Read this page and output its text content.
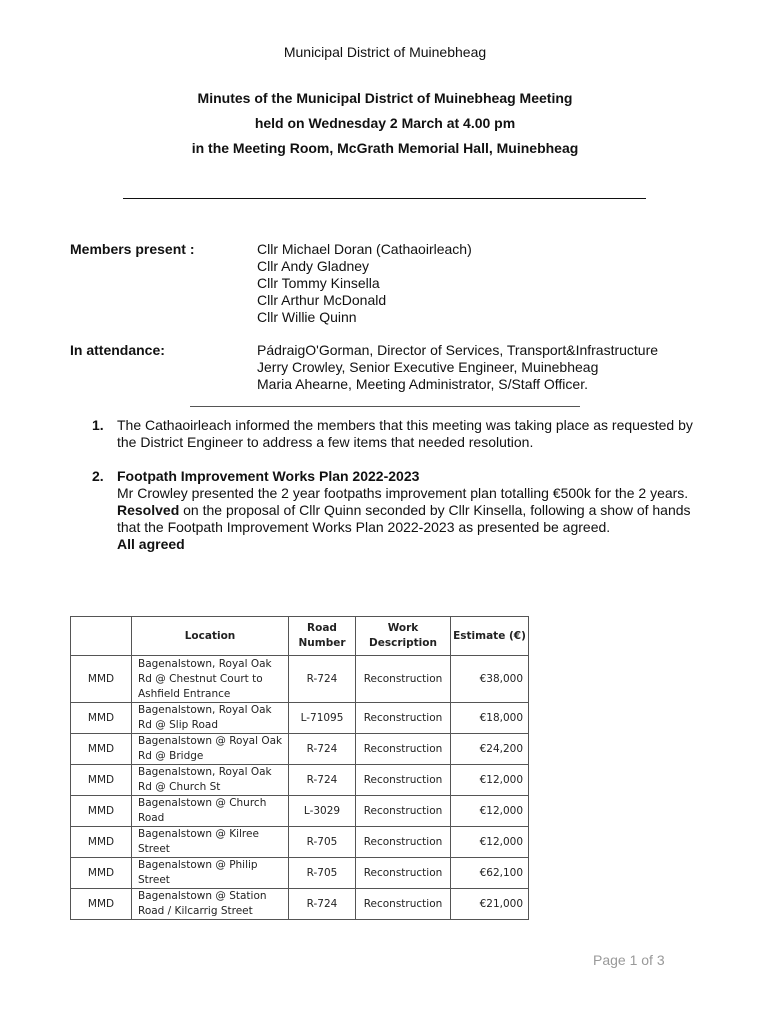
Municipal District of Muinebheag
Minutes of the Municipal District of Muinebheag Meeting
held on Wednesday 2 March at 4.00 pm
in the Meeting Room, McGrath Memorial Hall, Muinebheag
Members present :	Cllr Michael Doran (Cathaoirleach)
Cllr Andy Gladney
Cllr Tommy Kinsella
Cllr Arthur McDonald
Cllr Willie Quinn
In attendance:	PádraigO'Gorman, Director of Services, Transport&Infrastructure
Jerry Crowley, Senior Executive Engineer, Muinebheag
Maria Ahearne, Meeting Administrator, S/Staff Officer.
1. The Cathaoirleach informed the members that this meeting was taking place as requested by the District Engineer to address a few items that needed resolution.
2. Footpath Improvement Works Plan 2022-2023
Mr Crowley presented the 2 year footpaths improvement plan totalling €500k for the 2 years.
Resolved on the proposal of Cllr Quinn seconded by Cllr Kinsella, following a show of hands that the Footpath Improvement Works Plan 2022-2023 as presented be agreed.
All agreed
	Location	Road Number	Work Description	Estimate (€)
MMD	Bagenalstown, Royal Oak Rd @ Chestnut Court to Ashfield Entrance	R-724	Reconstruction	€38,000
MMD	Bagenalstown, Royal Oak Rd @ Slip Road	L-71095	Reconstruction	€18,000
MMD	Bagenalstown @ Royal Oak Rd @ Bridge	R-724	Reconstruction	€24,200
MMD	Bagenalstown, Royal Oak Rd @ Church St	R-724	Reconstruction	€12,000
MMD	Bagenalstown @ Church Road	L-3029	Reconstruction	€12,000
MMD	Bagenalstown @ Kilree Street	R-705	Reconstruction	€12,000
MMD	Bagenalstown @ Philip Street	R-705	Reconstruction	€62,100
MMD	Bagenalstown @ Station Road / Kilcarrig Street	R-724	Reconstruction	€21,000
Page 1 of 3
